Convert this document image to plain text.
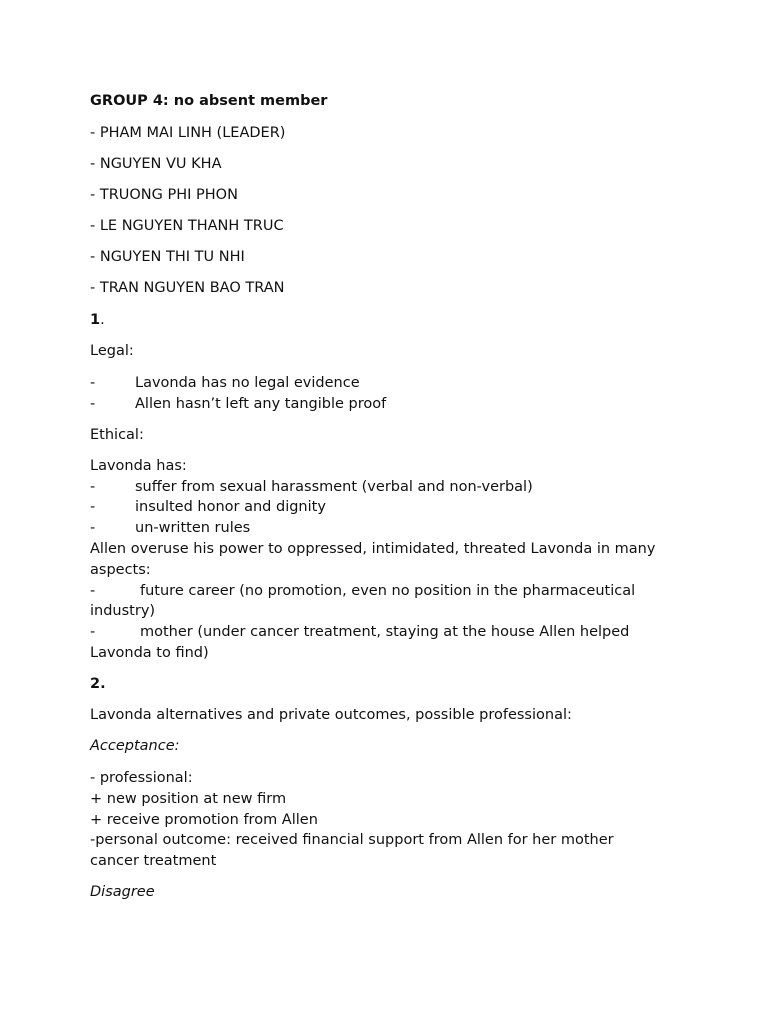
GROUP 4: no absent member
- PHAM MAI LINH (LEADER)
- NGUYEN VU KHA
- TRUONG PHI PHON
- LE NGUYEN THANH TRUC
- NGUYEN THI TU NHI
- TRAN NGUYEN BAO TRAN
1.
Legal:
-	Lavonda has no legal evidence
-	Allen hasn’t left any tangible proof
Ethical:
Lavonda has:
-	suffer from sexual harassment (verbal and non-verbal)
-	insulted honor and dignity
-	un-written rules
Allen overuse his power to oppressed, intimidated, threated Lavonda in many
aspects:
-	future career (no promotion, even no position in the pharmaceutical
industry)
-	mother (under cancer treatment, staying at the house Allen helped
Lavonda to find)
2.
Lavonda alternatives and private outcomes, possible professional:
Acceptance:
- professional:
+ new position at new firm
+ receive promotion from Allen
-personal outcome: received financial support from Allen for her mother
cancer treatment
Disagree
